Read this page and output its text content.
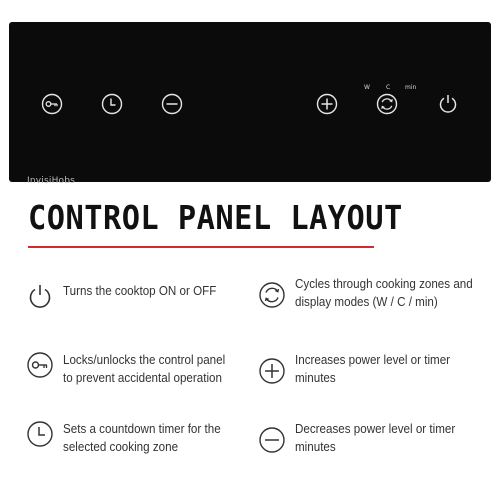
W	C min
InvisiHobs
CONTROL PANEL LAYOUT
Turns the cooktop ON or OFF
Locks/unlocks the control panel to prevent accidental operation
Sets a countdown timer for the selected cooking zone
Cycles through cooking zones and display modes (W / C / min)
Increases power level or timer minutes
Decreases power level or timer minutes
